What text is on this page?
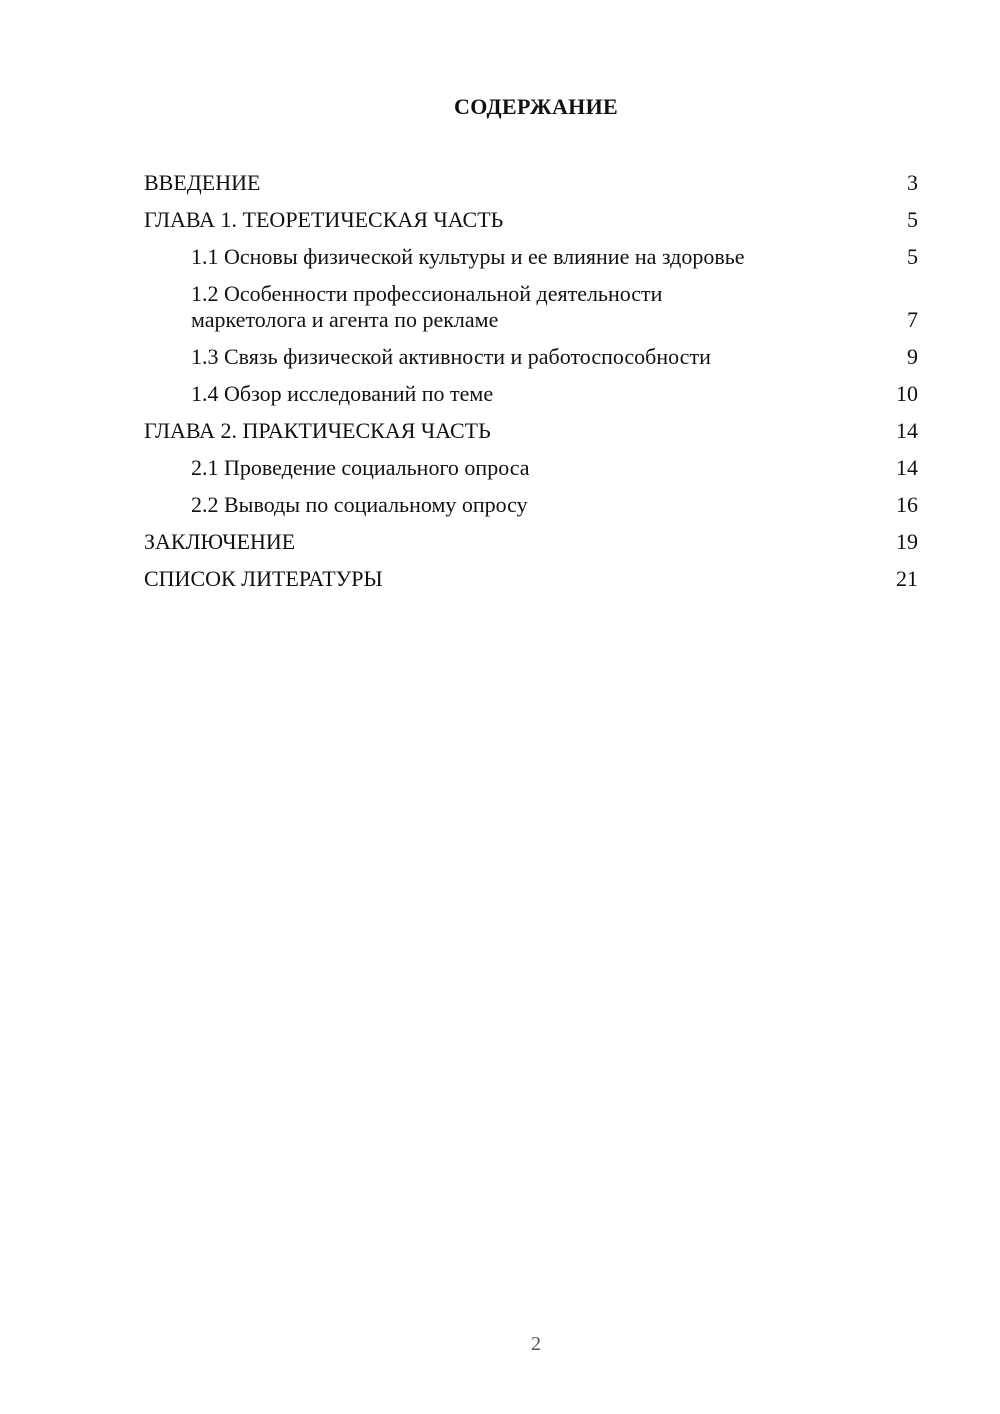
СОДЕРЖАНИЕ
ВВЕДЕНИЕ	3
ГЛАВА 1. ТЕОРЕТИЧЕСКАЯ ЧАСТЬ	5
1.1 Основы физической культуры и ее влияние на здоровье	5
1.2 Особенности профессиональной деятельности
маркетолога и агента по рекламе	7
1.3 Связь физической активности и работоспособности	9
1.4 Обзор исследований по теме	10
ГЛАВА 2. ПРАКТИЧЕСКАЯ ЧАСТЬ	14
2.1 Проведение социального опроса	14
2.2 Выводы по социальному опросу	16
ЗАКЛЮЧЕНИЕ	19
СПИСОК ЛИТЕРАТУРЫ	21
2
